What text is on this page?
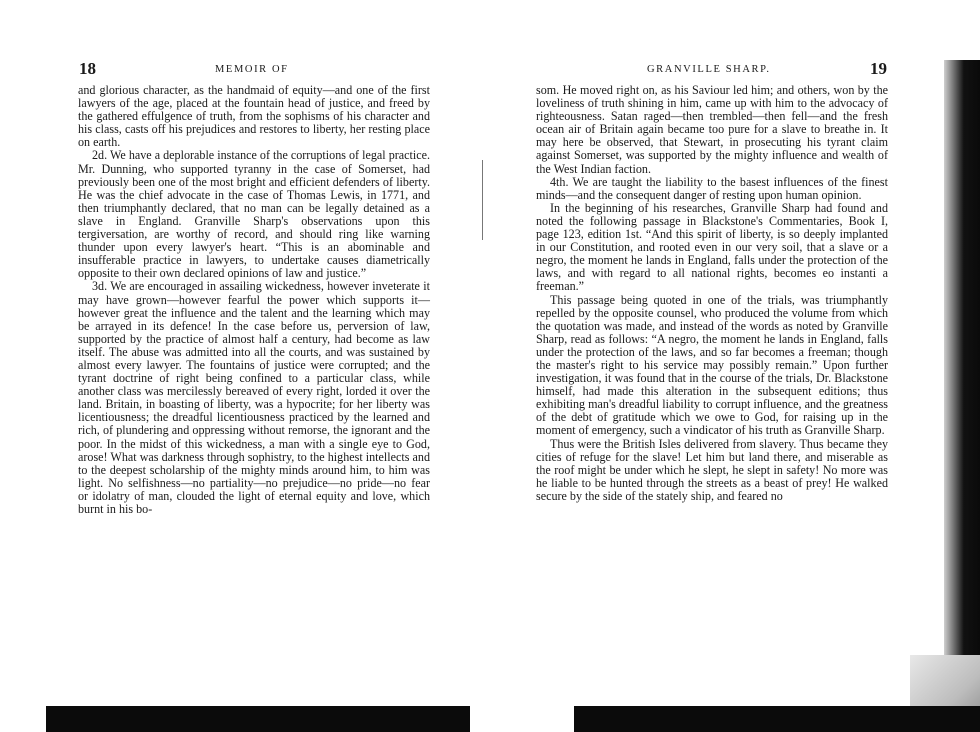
18	MEMOIR OF

and glorious character, as the handmaid of equity—and one of the first lawyers of the age, placed at the fountain head of justice, and freed by the gathered effulgence of truth, from the sophisms of his character and his class, casts off his prejudices and restores to liberty, her resting place on earth.

2d. We have a deplorable instance of the corruptions of legal practice. Mr. Dunning, who supported tyranny in the case of Somerset, had previously been one of the most bright and efficient defenders of liberty. He was the chief advocate in the case of Thomas Lewis, in 1771, and then triumphantly declared, that no man can be legally detained as a slave in England. Granville Sharp's observations upon this tergiversation, are worthy of record, and should ring like warning thunder upon every lawyer's heart. “This is an abominable and insufferable practice in lawyers, to undertake causes diametrically opposite to their own declared opinions of law and justice.”

3d. We are encouraged in assailing wickedness, however inveterate it may have grown—however fearful the power which supports it—however great the influence and the talent and the learning which may be arrayed in its defence! In the case before us, perversion of law, supported by the practice of almost half a century, had become as law itself. The abuse was admitted into all the courts, and was sustained by almost every lawyer. The fountains of justice were corrupted; and the tyrant doctrine of right being confined to a particular class, while another class was mercilessly bereaved of every right, lorded it over the land. Britain, in boasting of liberty, was a hypocrite; for her liberty was licentiousness; the dreadful licentiousness practiced by the learned and rich, of plundering and oppressing without remorse, the ignorant and the poor. In the midst of this wickedness, a man with a single eye to God, arose! What was darkness through sophistry, to the highest intellects and to the deepest scholarship of the mighty minds around him, to him was light. No selfishness—no partiality—no prejudice—no pride—no fear or idolatry of man, clouded the light of eternal equity and love, which burnt in his bo-

GRANVILLE SHARP.	19

som. He moved right on, as his Saviour led him; and others, won by the loveliness of truth shining in him, came up with him to the advocacy of righteousness. Satan raged—then trembled—then fell—and the fresh ocean air of Britain again became too pure for a slave to breathe in. It may here be observed, that Stewart, in prosecuting his tyrant claim against Somerset, was supported by the mighty influence and wealth of the West Indian faction.

4th. We are taught the liability to the basest influences of the finest minds—and the consequent danger of resting upon human opinion.

In the beginning of his researches, Granville Sharp had found and noted the following passage in Blackstone's Commentaries, Book I, page 123, edition 1st. “And this spirit of liberty, is so deeply implanted in our Constitution, and rooted even in our very soil, that a slave or a negro, the moment he lands in England, falls under the protection of the laws, and with regard to all national rights, becomes eo instanti a freeman.”

This passage being quoted in one of the trials, was triumphantly repelled by the opposite counsel, who produced the volume from which the quotation was made, and instead of the words as noted by Granville Sharp, read as follows: “A negro, the moment he lands in England, falls under the protection of the laws, and so far becomes a freeman; though the master's right to his service may possibly remain.” Upon further investigation, it was found that in the course of the trials, Dr. Blackstone himself, had made this alteration in the subsequent editions; thus exhibiting man's dreadful liability to corrupt influence, and the greatness of the debt of gratitude which we owe to God, for raising up in the moment of emergency, such a vindicator of his truth as Granville Sharp.

Thus were the British Isles delivered from slavery. Thus became they cities of refuge for the slave! Let him but land there, and miserable as the roof might be under which he slept, he slept in safety! No more was he liable to be hunted through the streets as a beast of prey! He walked secure by the side of the stately ship, and feared no
